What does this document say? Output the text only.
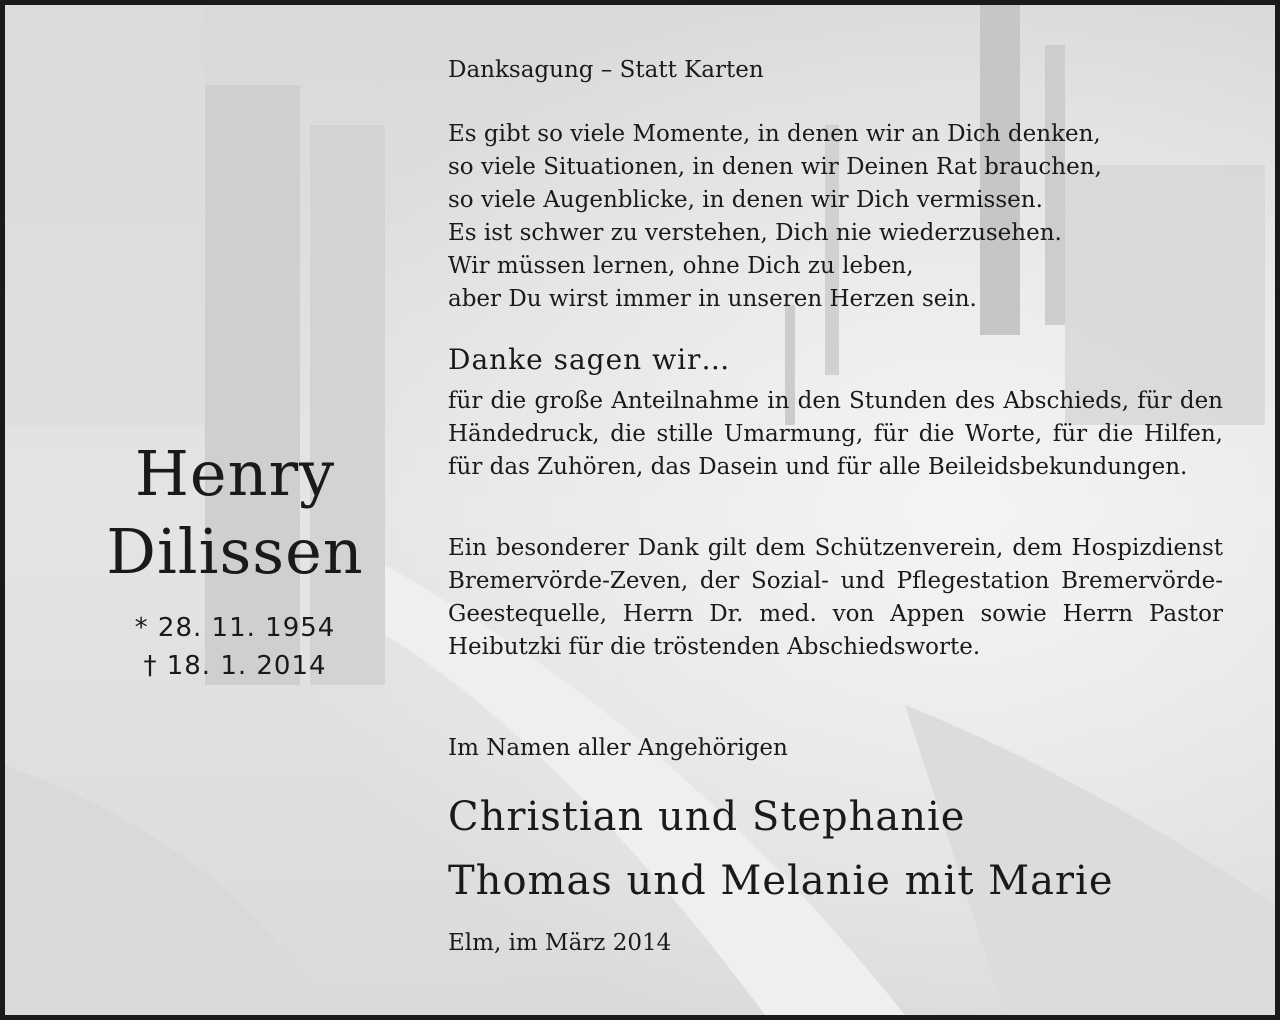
Danksagung – Statt Karten
Es gibt so viele Momente, in denen wir an Dich denken,
so viele Situationen, in denen wir Deinen Rat brauchen,
so viele Augenblicke, in denen wir Dich vermissen.
Es ist schwer zu verstehen, Dich nie wiederzusehen.
Wir müssen lernen, ohne Dich zu leben,
aber Du wirst immer in unseren Herzen sein.
Danke sagen wir…
für die große Anteilnahme in den Stunden des Abschieds, für den Händedruck, die stille Umarmung, für die Worte, für die Hilfen, für das Zuhören, das Dasein und für alle Beileidsbekundungen.
Ein besonderer Dank gilt dem Schützenverein, dem Hospizdienst Bremervörde-Zeven, der Sozial- und Pflegestation Bremervörde-Geestequelle, Herrn Dr. med. von Appen sowie Herrn Pastor Heibutzki für die tröstenden Abschiedsworte.
Im Namen aller Angehörigen
Christian und Stephanie
Thomas und Melanie mit Marie
Elm, im März 2014
Henry
Dilissen
* 28. 11. 1954
† 18. 1. 2014
